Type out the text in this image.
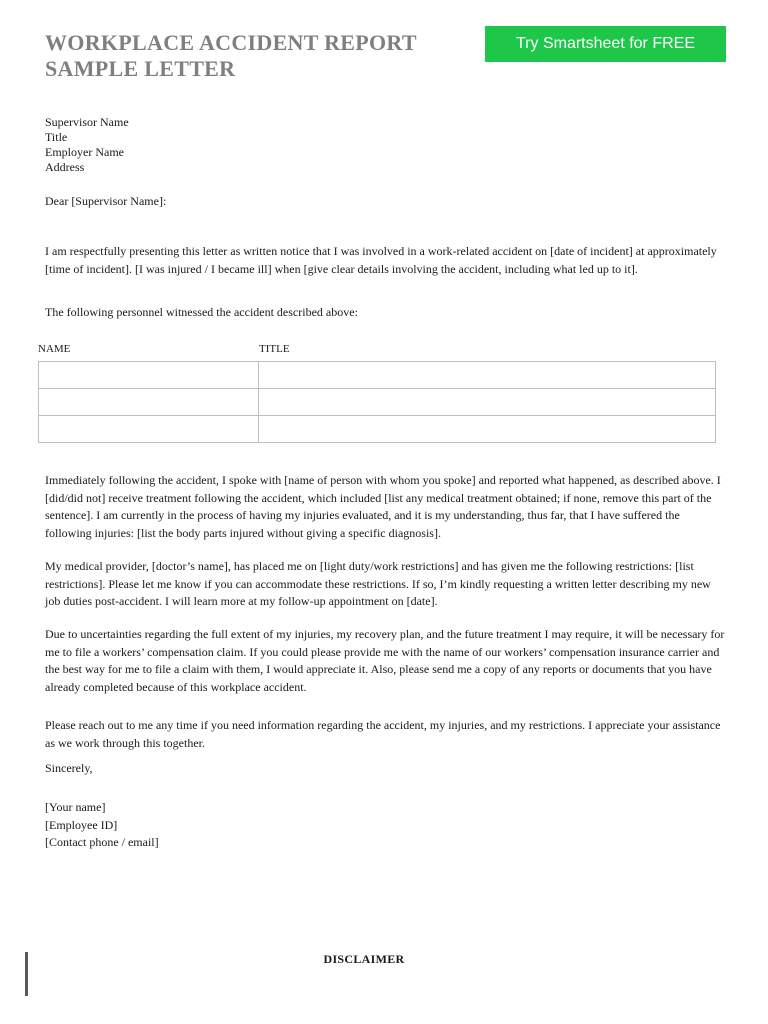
WORKPLACE ACCIDENT REPORT
SAMPLE LETTER
Try Smartsheet for FREE
Supervisor Name
Title
Employer Name
Address
Dear [Supervisor Name]:

I am respectfully presenting this letter as written notice that I was involved in a work-related accident on [date of incident] at approximately [time of incident]. [I was injured / I became ill] when [give clear details involving the accident, including what led up to it].

The following personnel witnessed the accident described above:
NAME	TITLE

Immediately following the accident, I spoke with [name of person with whom you spoke] and reported what happened, as described above. I [did/did not] receive treatment following the accident, which included [list any medical treatment obtained; if none, remove this part of the sentence]. I am currently in the process of having my injuries evaluated, and it is my understanding, thus far, that I have suffered the following injuries: [list the body parts injured without giving a specific diagnosis].

My medical provider, [doctor’s name], has placed me on [light duty/work restrictions] and has given me the following restrictions: [list restrictions]. Please let me know if you can accommodate these restrictions. If so, I’m kindly requesting a written letter describing my new job duties post-accident. I will learn more at my follow-up appointment on [date].

Due to uncertainties regarding the full extent of my injuries, my recovery plan, and the future treatment I may require, it will be necessary for me to file a workers’ compensation claim. If you could please provide me with the name of our workers’ compensation insurance carrier and the best way for me to file a claim with them, I would appreciate it. Also, please send me a copy of any reports or documents that you have already completed because of this workplace accident.

Please reach out to me any time if you need information regarding the accident, my injuries, and my restrictions. I appreciate your assistance as we work through this together.

Sincerely,
[Your name]
[Employee ID]
[Contact phone / email]
DISCLAIMER
